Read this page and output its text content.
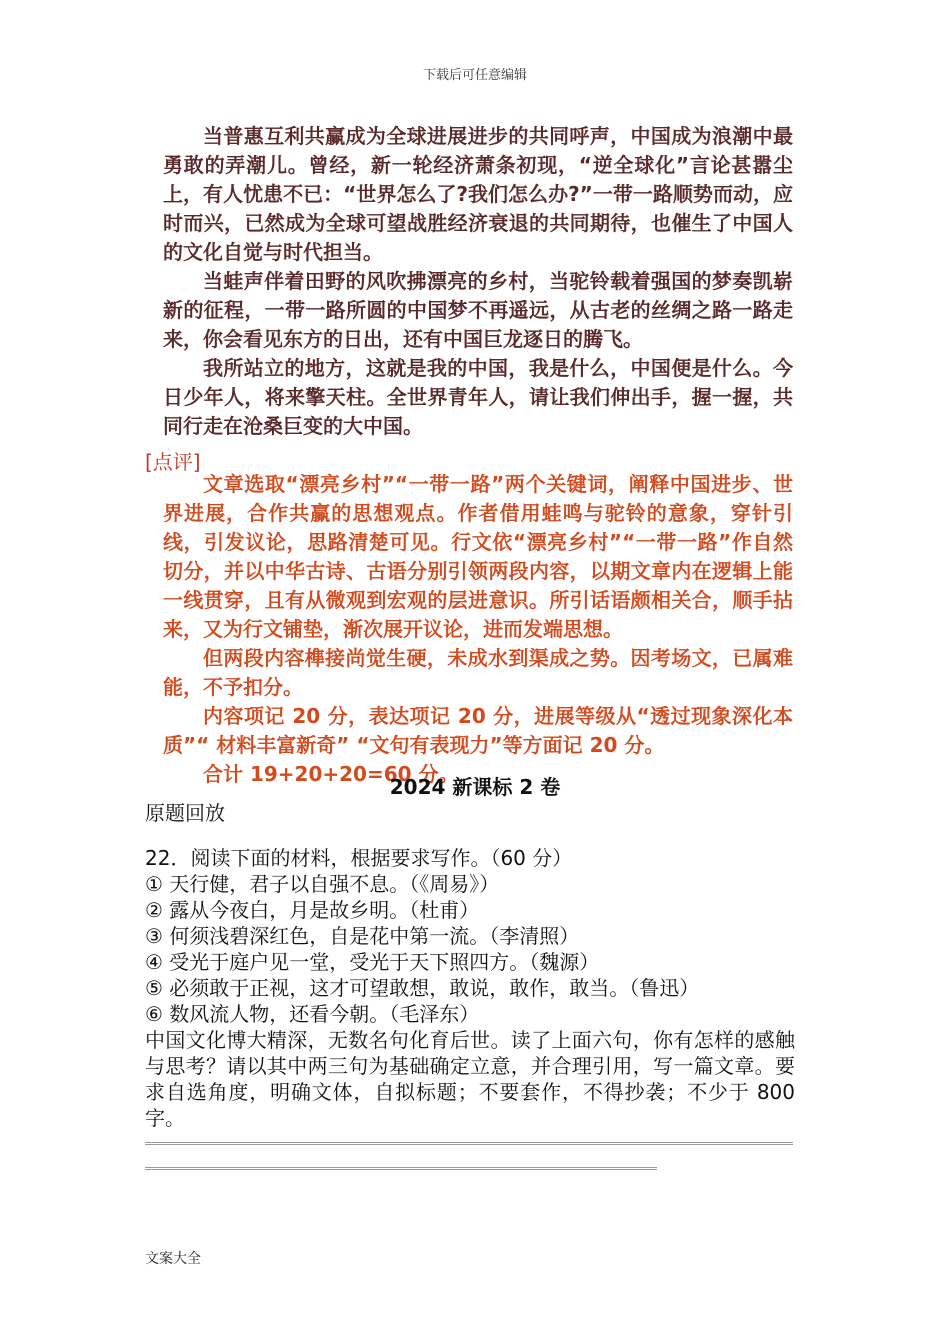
下载后可任意编辑

当普惠互利共赢成为全球进展进步的共同呼声，中国成为浪潮中最勇敢的弄潮儿。曾经，新一轮经济萧条初现，“逆全球化”言论甚嚣尘上，有人忧患不已：“世界怎么了?我们怎么办?”一带一路顺势而动，应时而兴，已然成为全球可望战胜经济衰退的共同期待，也催生了中国人的文化自觉与时代担当。

当蛙声伴着田野的风吹拂漂亮的乡村，当驼铃载着强国的梦奏凯崭新的征程，一带一路所圆的中国梦不再遥远，从古老的丝绸之路一路走来，你会看见东方的日出，还有中国巨龙逐日的腾飞。

我所站立的地方，这就是我的中国，我是什么，中国便是什么。今日少年人，将来擎天柱。全世界青年人，请让我们伸出手，握一握，共同行走在沧桑巨变的大中国。

[点评]

文章选取“漂亮乡村”“一带一路”两个关键词，阐释中国进步、世界进展，合作共赢的思想观点。作者借用蛙鸣与驼铃的意象，穿针引线，引发议论，思路清楚可见。行文依“漂亮乡村”“一带一路”作自然切分，并以中华古诗、古语分别引领两段内容，以期文章内在逻辑上能一线贯穿，且有从微观到宏观的层进意识。所引话语颇相关合，顺手拈来，又为行文铺垫，渐次展开议论，进而发端思想。

但两段内容榫接尚觉生硬，未成水到渠成之势。因考场文，已属难能，不予扣分。

内容项记 20 分，表达项记 20 分，进展等级从“透过现象深化本质”“ 材料丰富新奇” “文句有表现力”等方面记 20 分。

合计 19+20+20=60 分。

2024 新课标 2 卷
原题回放
22．阅读下面的材料，根据要求写作。（60 分）
① 天行健，君子以自强不息。（《周易》）
② 露从今夜白，月是故乡明。（杜甫）
③ 何须浅碧深红色，自是花中第一流。（李清照）
④ 受光于庭户见一堂，受光于天下照四方。（魏源）
⑤ 必须敢于正视，这才可望敢想，敢说，敢作，敢当。（鲁迅）
⑥ 数风流人物，还看今朝。（毛泽东）

中国文化博大精深，无数名句化育后世。读了上面六句，你有怎样的感触与思考？请以其中两三句为基础确定立意，并合理引用，写一篇文章。要求自选角度，明确文体，自拟标题；不要套作，不得抄袭；不少于 800 字。

文案大全
